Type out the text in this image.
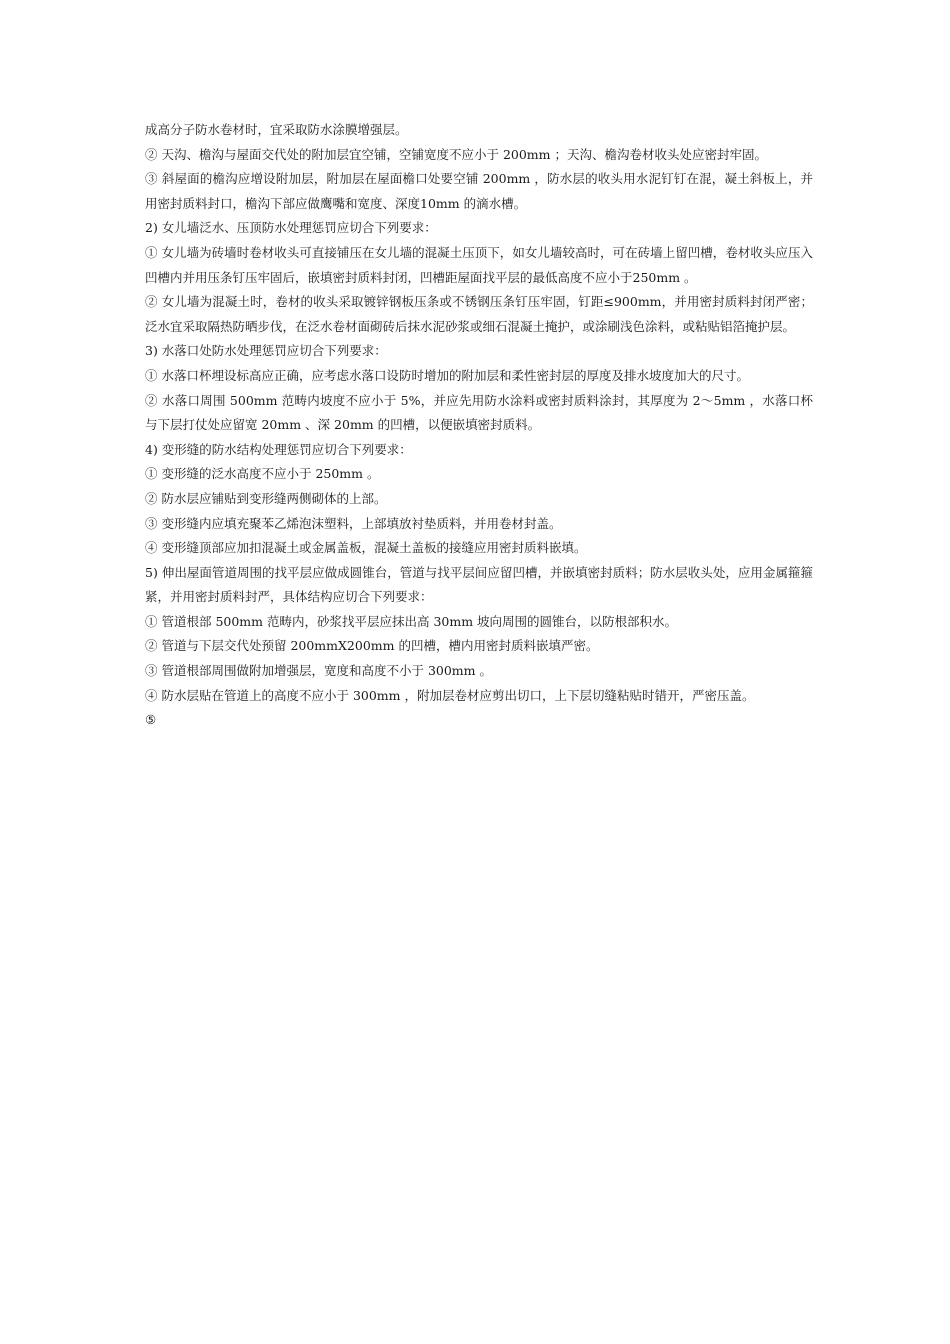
成高分子防水卷材时，宜采取防水涂膜增强层。

② 天沟、檐沟与屋面交代处的附加层宜空铺，空铺宽度不应小于 200mm ；天沟、檐沟卷材收头处应密封牢固。

③ 斜屋面的檐沟应增设附加层，附加层在屋面檐口处要空铺 200mm ，防水层的收头用水泥钉钉在混，凝土斜板上，并用密封质料封口，檐沟下部应做鹰嘴和宽度、深度10mm 的滴水槽。

2) 女儿墙泛水、压顶防水处理惩罚应切合下列要求：

① 女儿墙为砖墙时卷材收头可直接铺压在女儿墙的混凝土压顶下，如女儿墙较高时，可在砖墙上留凹槽，卷材收头应压入凹槽内并用压条钉压牢固后，嵌填密封质料封闭，凹槽距屋面找平层的最低高度不应小于250mm 。

② 女儿墙为混凝土时，卷材的收头采取镀锌钢板压条或不锈钢压条钉压牢固，钉距≤900mm，并用密封质料封闭严密；泛水宜采取隔热防晒步伐，在泛水卷材面砌砖后抹水泥砂浆或细石混凝土掩护，或涂刷浅色涂料，或粘贴铝箔掩护层。

3) 水落口处防水处理惩罚应切合下列要求：

① 水落口杯埋设标高应正确，应考虑水落口设防时增加的附加层和柔性密封层的厚度及排水坡度加大的尺寸。

② 水落口周围 500mm 范畴内坡度不应小于 5%，并应先用防水涂料或密封质料涂封，其厚度为 2～5mm ，水落口杯与下层打仗处应留宽 20mm 、深 20mm 的凹槽，以便嵌填密封质料。

4) 变形缝的防水结构处理惩罚应切合下列要求：

① 变形缝的泛水高度不应小于 250mm 。

② 防水层应铺贴到变形缝两侧砌体的上部。

③ 变形缝内应填充聚苯乙烯泡沫塑料，上部填放衬垫质料，并用卷材封盖。

④ 变形缝顶部应加扣混凝土或金属盖板，混凝土盖板的接缝应用密封质料嵌填。

5) 伸出屋面管道周围的找平层应做成圆锥台，管道与找平层间应留凹槽，并嵌填密封质料；防水层收头处，应用金属箍箍紧，并用密封质料封严，具体结构应切合下列要求：

① 管道根部 500mm 范畴内，砂浆找平层应抹出高 30mm 坡向周围的圆锥台，以防根部积水。

② 管道与下层交代处预留 200mmX200mm 的凹槽，槽内用密封质料嵌填严密。

③ 管道根部周围做附加增强层，宽度和高度不小于 300mm 。

④ 防水层贴在管道上的高度不应小于 300mm ，附加层卷材应剪出切口，上下层切缝粘贴时错开，严密压盖。

⑤
